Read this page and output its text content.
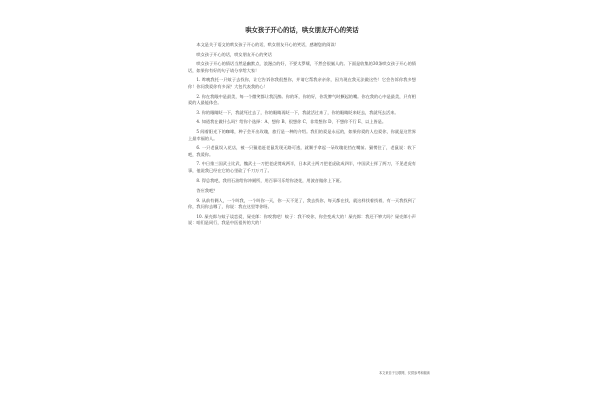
哄女孩子开心的话，哄女朋友开心的笑话

本文是关于语文的哄女孩子开心的话，哄女朋友开心的笑话，感谢您的阅读！

哄女孩子开心的话，哄女朋友开心的笑话

哄女孩子开心的情话当然是幽默点，浪漫点的好，不要太罗嗦，不然会很腻人的。下面是收集的30条哄女孩子开心的情话，如果你有好的句子请分享给大家！

1. 昨晚我托一只蚊子去找你，让它告诉你我很想你，并请它帮我亲亲你，因为现在我无法做这些！它会告诉你我多想你！你问我爱你有多深？大包代表我的心！

2. 你在我眼中是最美，每一个微笑都让我沉醉。你的坏，你的好，你发脾气时撅起的嘴。你在我的心中是最美，只有相爱的人最能体会。

3. 你的眼睛眨一下，我就死过去了，你的眼睛再眨一下，我就活过来了，你的眼睛眨来眨去，我就死去活来。

4. 知道我在做什么吗？给你个选择：A、想你 B、很想你 C、非常想你 D、不想你不行 E、以上皆是。

5 闻着阳光下的咖啡，种子会开出玫瑰，旅行是一种的介绍。我们的爱是永远的，如果你爱的人也爱你，你就是这世界上最幸福的人。

6. 一只老鼠误入花店，被一只猫追赶老鼠发现无路可逃，就顺手拿起一朵玫瑰花挡在嘴前。猫愣住了，老鼠说：收下吧，我爱你。

7. 中日推三国武士比武，魏武士一刀把老虎劈成两半，日本武士两刀把老虎砍成四半，中国武士挥了两刀，不见老虎有事，他说我已经在它的心里砍了千刀万刀了。

8. 得总我吧，我用石油给你冲厕所，用百事可乐给你浇花，用波音做你上下班。

答应我吧？

9. 从前有俩人，一个叫我，一个叫你一天，你一天不见了，我去找你，每天都在找，就这样找着找着，有一天我找到了你，我问你去哪了，你说：我在这里等你呀。

10. 屎壳郎与蚊子谈恋爱，屎壳郎：你咬我吧！蚊子：我不咬你，你会变成大的！屎壳郎：我还不够大吗？屎壳郎小声说：咱们是同行，我是中医祖传的大的！

本文来自于互联网，仅供参考和阅读
